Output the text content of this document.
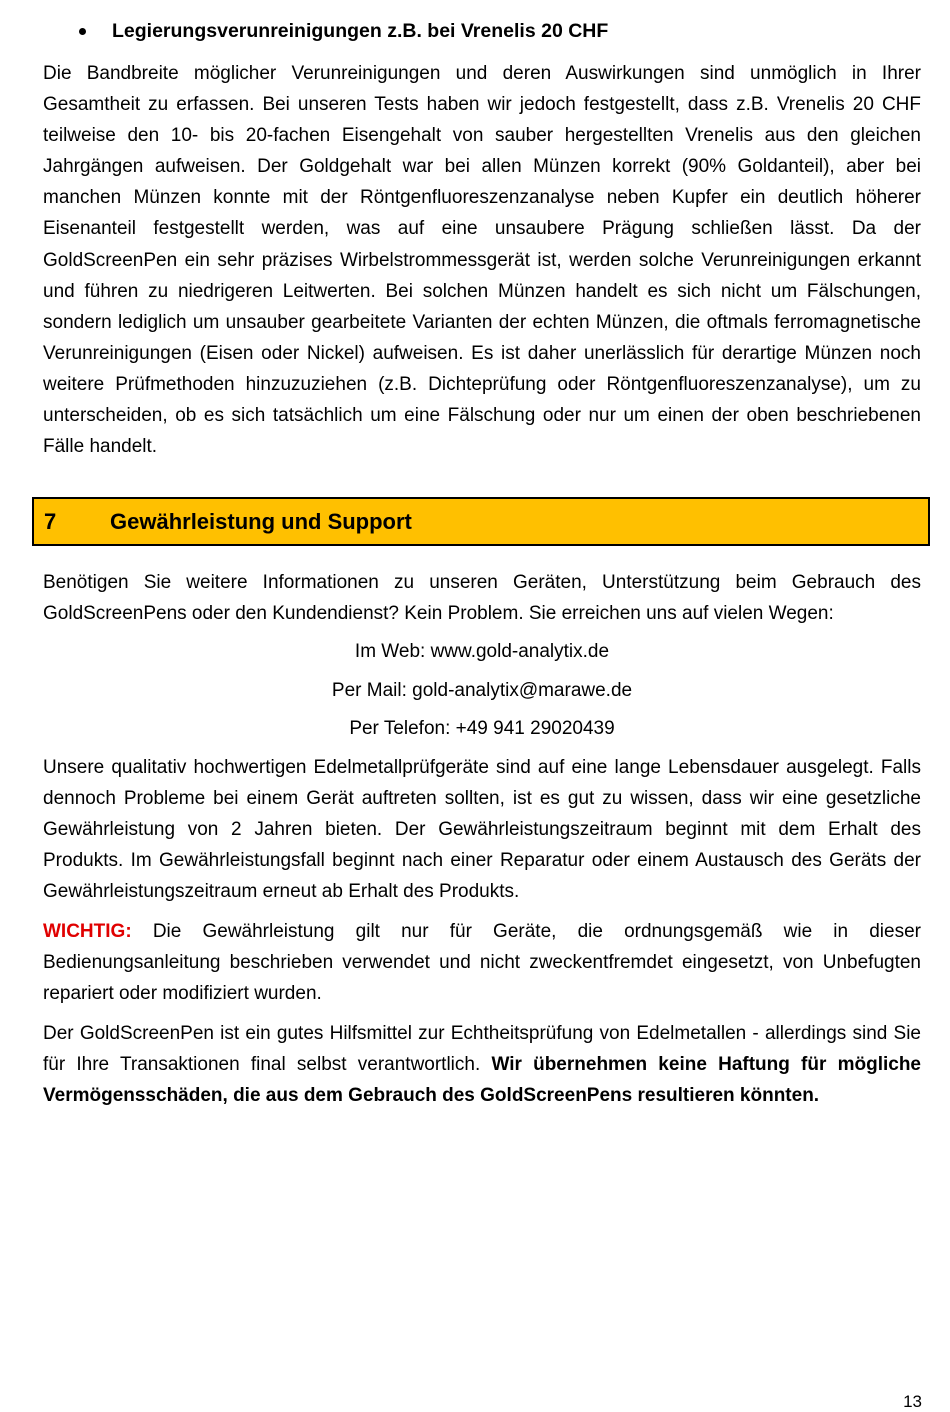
Legierungsverunreinigungen z.B. bei Vrenelis 20 CHF

Die Bandbreite möglicher Verunreinigungen und deren Auswirkungen sind unmöglich in Ihrer Gesamtheit zu erfassen. Bei unseren Tests haben wir jedoch festgestellt, dass z.B. Vrenelis 20 CHF teilweise den 10- bis 20-fachen Eisengehalt von sauber hergestellten Vrenelis aus den gleichen Jahrgängen aufweisen. Der Goldgehalt war bei allen Münzen korrekt (90% Goldanteil), aber bei manchen Münzen konnte mit der Röntgenfluoreszenzanalyse neben Kupfer ein deutlich höherer Eisenanteil festgestellt werden, was auf eine unsaubere Prägung schließen lässt. Da der GoldScreenPen ein sehr präzises Wirbelstrommessgerät ist, werden solche Verunreinigungen erkannt und führen zu niedrigeren Leitwerten. Bei solchen Münzen handelt es sich nicht um Fälschungen, sondern lediglich um unsauber gearbeitete Varianten der echten Münzen, die oftmals ferromagnetische Verunreinigungen (Eisen oder Nickel) aufweisen. Es ist daher unerlässlich für derartige Münzen noch weitere Prüfmethoden hinzuzuziehen (z.B. Dichteprüfung oder Röntgenfluoreszenzanalyse), um zu unterscheiden, ob es sich tatsächlich um eine Fälschung oder nur um einen der oben beschriebenen Fälle handelt.

7	Gewährleistung und Support

Benötigen Sie weitere Informationen zu unseren Geräten, Unterstützung beim Gebrauch des GoldScreenPens oder den Kundendienst? Kein Problem. Sie erreichen uns auf vielen Wegen:

Im Web: www.gold-analytix.de
Per Mail: gold-analytix@marawe.de
Per Telefon: +49 941 29020439

Unsere qualitativ hochwertigen Edelmetallprüfgeräte sind auf eine lange Lebensdauer ausgelegt. Falls dennoch Probleme bei einem Gerät auftreten sollten, ist es gut zu wissen, dass wir eine gesetzliche Gewährleistung von 2 Jahren bieten. Der Gewährleistungszeitraum beginnt mit dem Erhalt des Produkts. Im Gewährleistungsfall beginnt nach einer Reparatur oder einem Austausch des Geräts der Gewährleistungszeitraum erneut ab Erhalt des Produkts.

WICHTIG: Die Gewährleistung gilt nur für Geräte, die ordnungsgemäß wie in dieser Bedienungsanleitung beschrieben verwendet und nicht zweckentfremdet eingesetzt, von Unbefugten repariert oder modifiziert wurden.

Der GoldScreenPen ist ein gutes Hilfsmittel zur Echtheitsprüfung von Edelmetallen - allerdings sind Sie für Ihre Transaktionen final selbst verantwortlich. Wir übernehmen keine Haftung für mögliche Vermögensschäden, die aus dem Gebrauch des GoldScreenPens resultieren könnten.

13
